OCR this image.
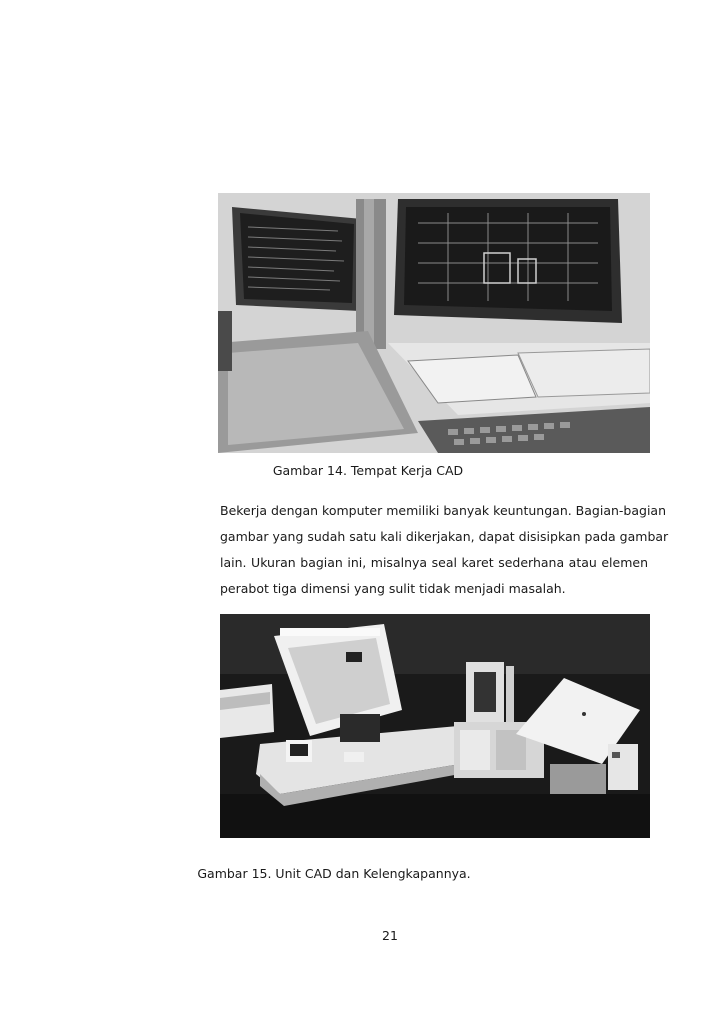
Gambar 14. Tempat Kerja CAD
Bekerja dengan komputer memiliki banyak keuntungan. Bagian-bagian
gambar yang sudah satu kali dikerjakan, dapat disisipkan pada gambar
lain. Ukuran bagian ini, misalnya seal karet sederhana atau elemen
perabot tiga dimensi yang sulit tidak menjadi masalah.
Gambar 15. Unit CAD dan Kelengkapannya.
21
